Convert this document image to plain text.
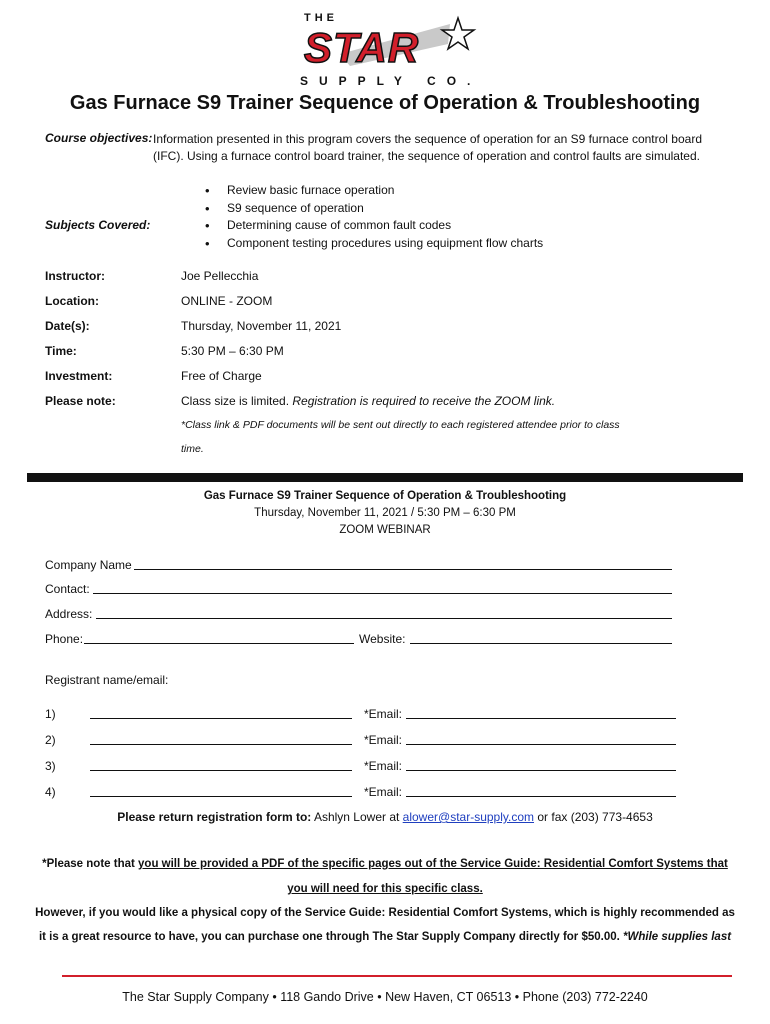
THE
STAR
SUPPLY CO.
Gas Furnace S9 Trainer Sequence of Operation & Troubleshooting
Course objectives: Information presented in this program covers the sequence of operation for an S9 furnace control board (IFC). Using a furnace control board trainer, the sequence of operation and control faults are simulated.
• Review basic furnace operation
• S9 sequence of operation
• Determining cause of common fault codes
• Component testing procedures using equipment flow charts
Subjects Covered:
Instructor:	Joe Pellecchia
Location:	ONLINE - ZOOM
Date(s):	Thursday, November 11, 2021
Time:	5:30 PM – 6:30 PM
Investment:	Free of Charge
Please note:	Class size is limited. Registration is required to receive the ZOOM link.
*Class link & PDF documents will be sent out directly to each registered attendee prior to class
time.
Gas Furnace S9 Trainer Sequence of Operation & Troubleshooting
Thursday, November 11, 2021 / 5:30 PM – 6:30 PM
ZOOM WEBINAR
Company Name
Contact:
Address:
Phone:	Website:
Registrant name/email:
1)	*Email:
2)	*Email:
3)	*Email:
4)	*Email:
Please return registration form to: Ashlyn Lower at alower@star-supply.com or fax (203) 773-4653
*Please note that you will be provided a PDF of the specific pages out of the Service Guide: Residential Comfort Systems that
you will need for this specific class.
However, if you would like a physical copy of the Service Guide: Residential Comfort Systems, which is highly recommended as
it is a great resource to have, you can purchase one through The Star Supply Company directly for $50.00. *While supplies last
The Star Supply Company • 118 Gando Drive • New Haven, CT 06513 • Phone (203) 772-2240
